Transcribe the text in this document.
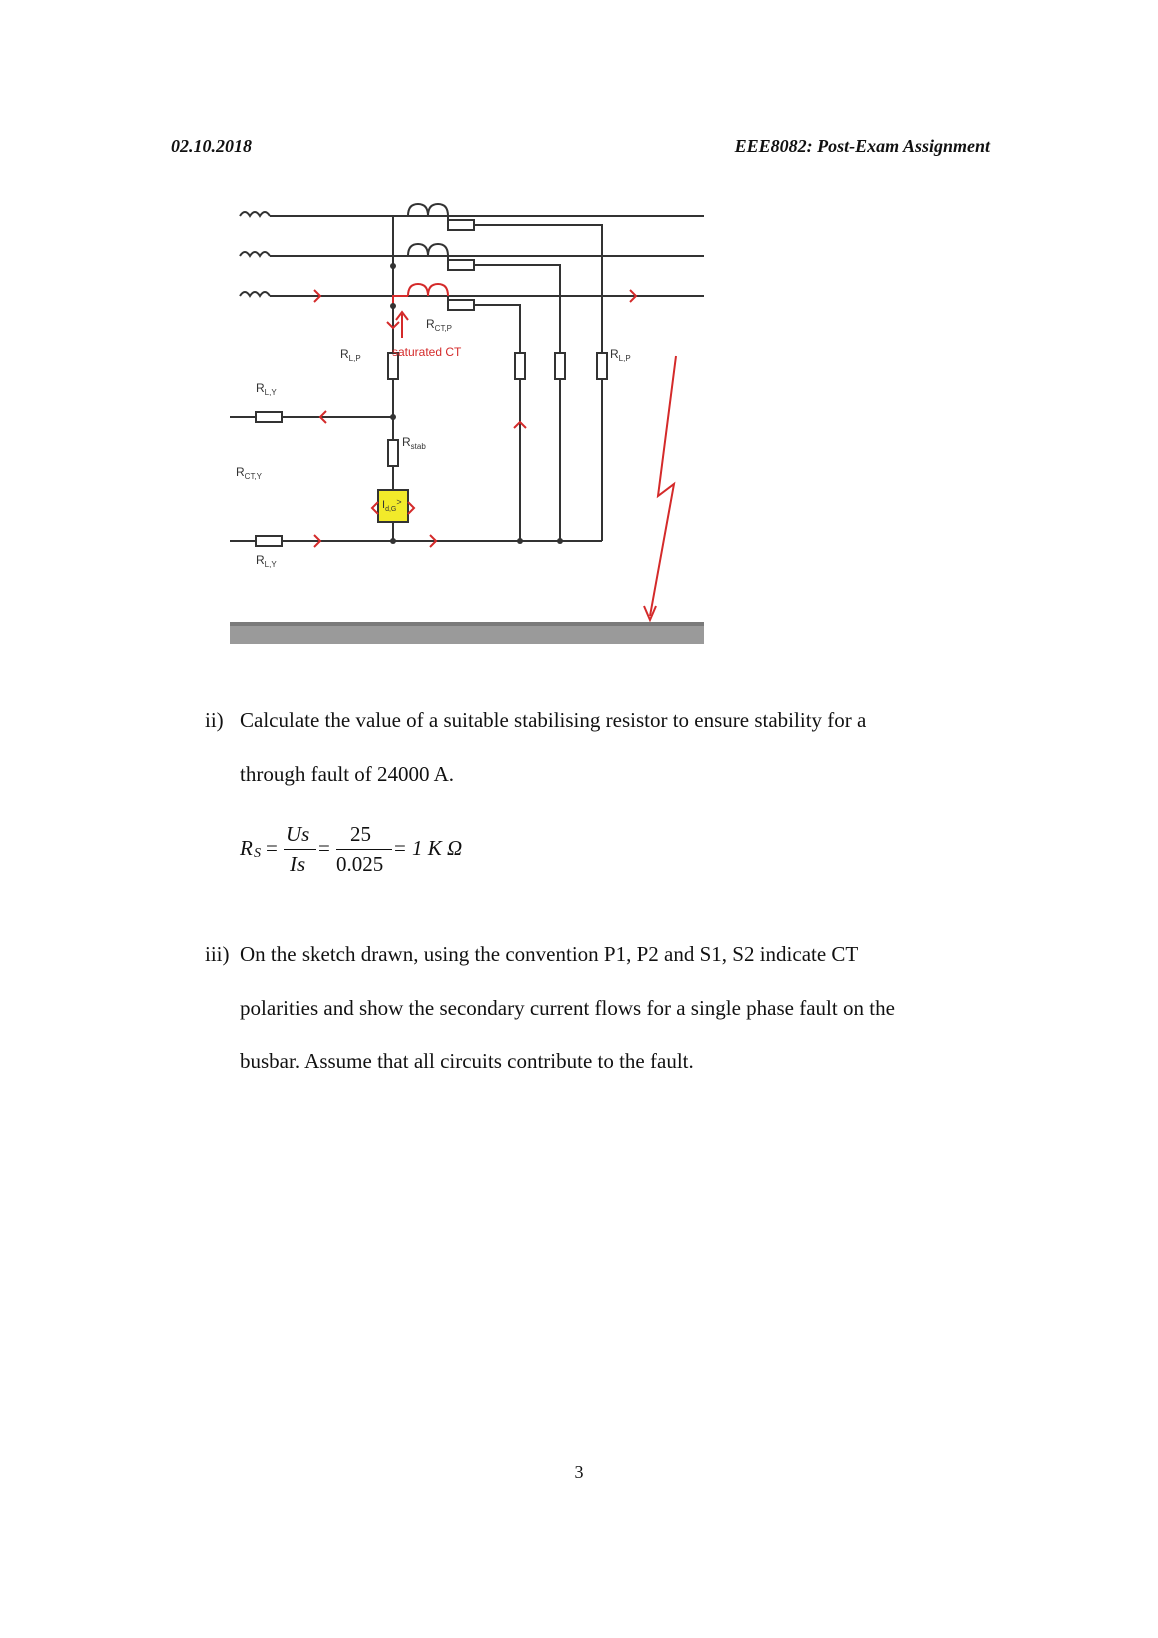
02.10.2018	EEE8082: Post-Exam Assignment
$R_{CT,P}$
saturated CT
$R_{L,P}$	$R_{L,P}$
$R_{L,Y}$
$R_{stab}$
$R_{CT,Y}$
$R_{L,Y}$
$I_{d,G}^>$
ii) Calculate the value of a suitable stabilising resistor to ensure stability for a
through fault of 24000 A.
R S =
Us
Is
=
25
0.025
= 1 K Ω
iii) On the sketch drawn, using the convention P1, P2 and S1, S2 indicate CT
polarities and show the secondary current flows for a single phase fault on the
busbar. Assume that all circuits contribute to the fault.
3
